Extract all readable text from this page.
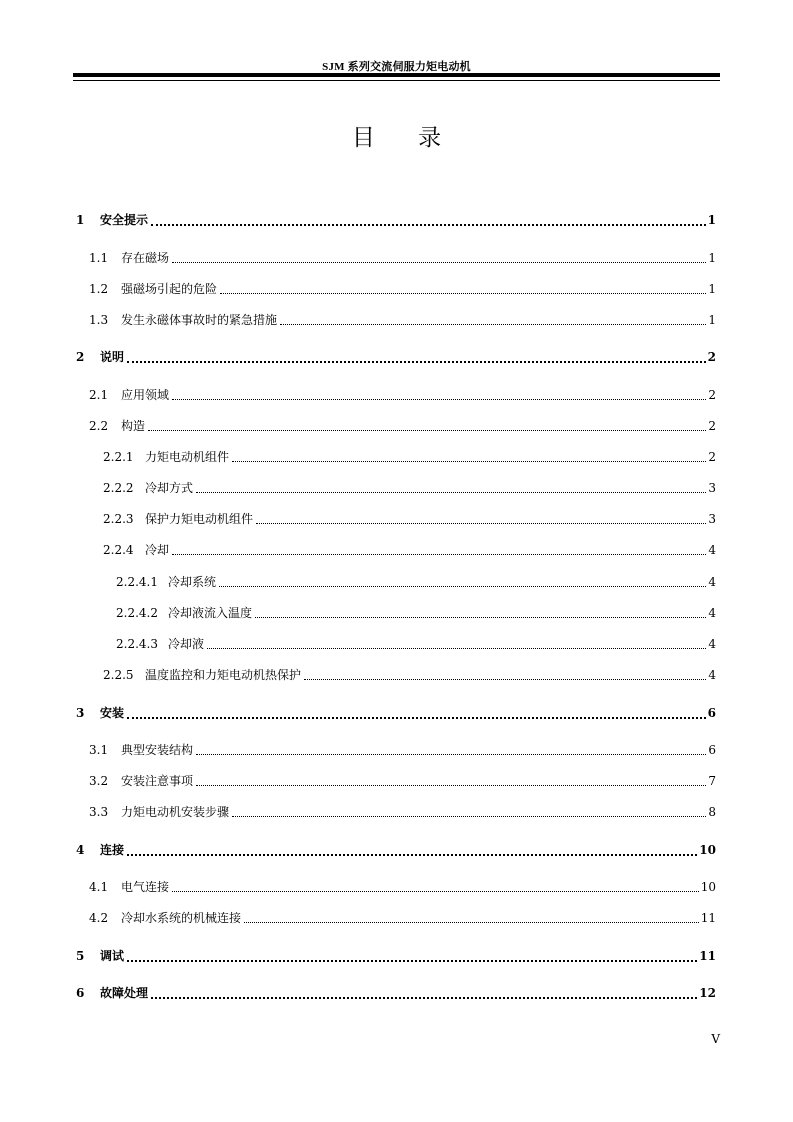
SJM 系列交流伺服力矩电动机
目 录
1	安全提示	1
1.1	存在磁场	1
1.2	强磁场引起的危险	1
1.3	发生永磁体事故时的紧急措施	1
2	说明	2
2.1	应用领域	2
2.2	构造	2
2.2.1 力矩电动机组件	2
2.2.2 冷却方式	3
2.2.3 保护力矩电动机组件	3
2.2.4 冷却	4
2.2.4.1 冷却系统	4
2.2.4.2 冷却液流入温度	4
2.2.4.3 冷却液	4
2.2.5 温度监控和力矩电动机热保护	4
3	安装	6
3.1	典型安装结构	6
3.2	安装注意事项	7
3.3	力矩电动机安装步骤	8
4	连接	10
4.1	电气连接	10
4.2	冷却水系统的机械连接	11
5	调试	11
6	故障处理	12
V
